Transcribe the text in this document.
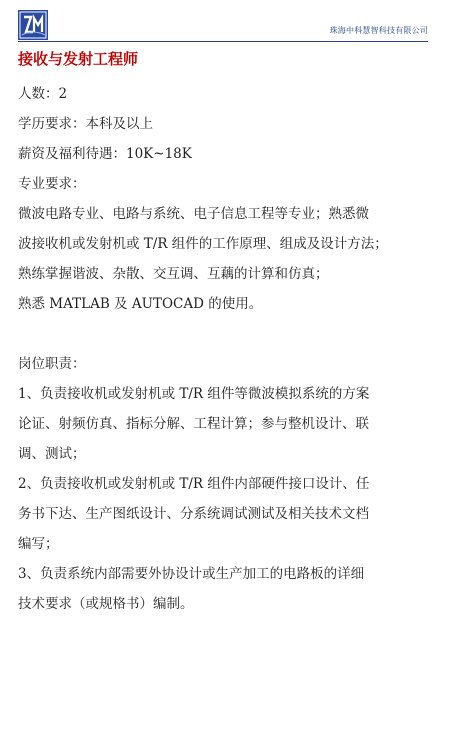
珠海中科慧智科技有限公司
接收与发射工程师

人数：2

学历要求：本科及以上

薪资及福利待遇：10K~18K

专业要求：

微波电路专业、电路与系统、电子信息工程等专业；熟悉微

波接收机或发射机或 T/R 组件的工作原理、组成及设计方法；

熟练掌握谐波、杂散、交互调、互藕的计算和仿真；

熟悉 MATLAB 及 AUTOCAD 的使用。

岗位职责：

1、负责接收机或发射机或 T/R 组件等微波模拟系统的方案

论证、射频仿真、指标分解、工程计算；参与整机设计、联

调、测试；

2、负责接收机或发射机或 T/R 组件内部硬件接口设计、任

务书下达、生产图纸设计、分系统调试测试及相关技术文档

编写；

3、负责系统内部需要外协设计或生产加工的电路板的详细

技术要求（或规格书）编制。
